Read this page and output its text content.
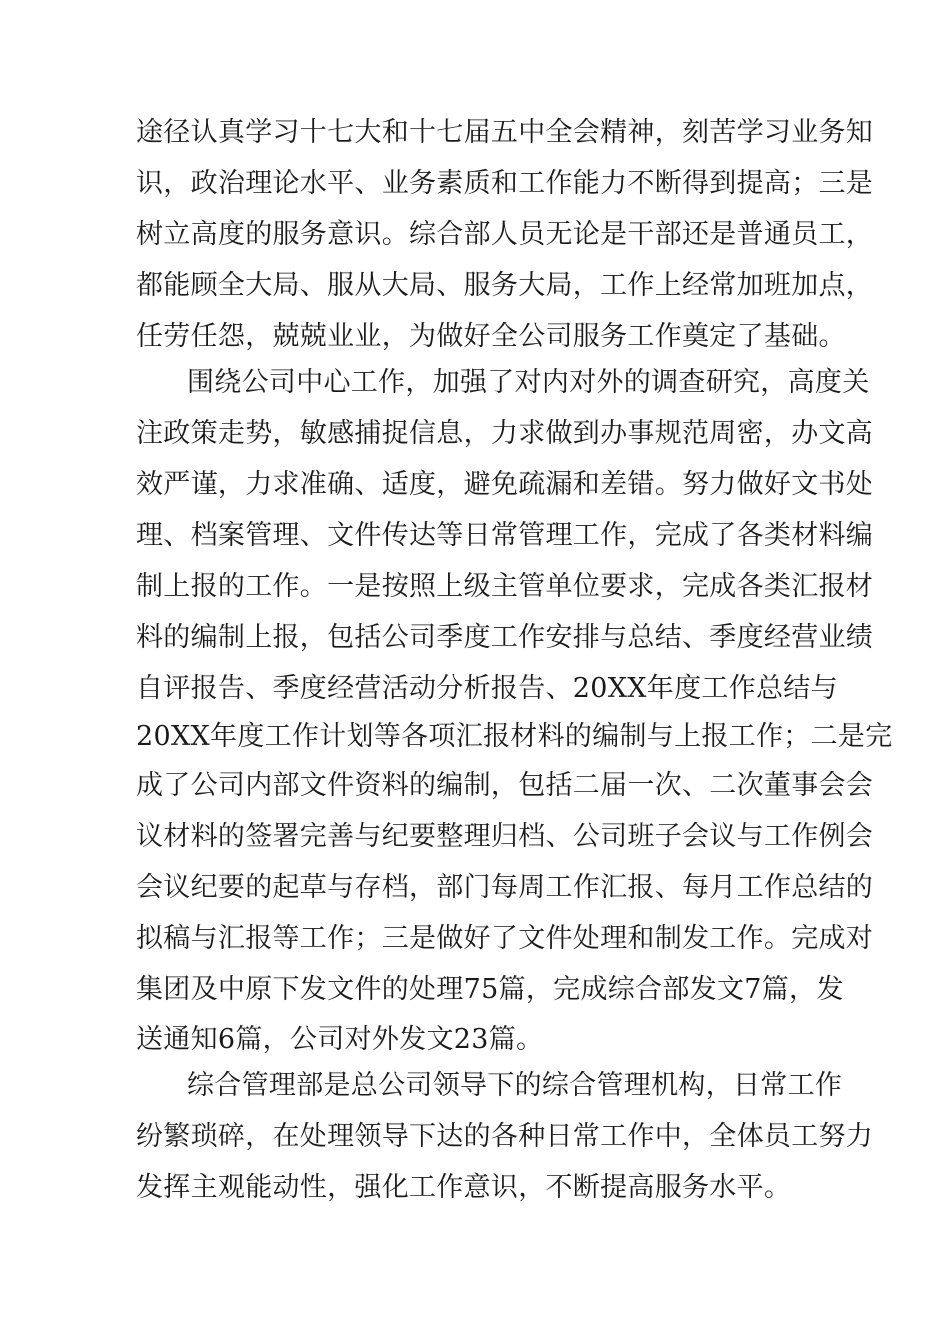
途径认真学习十七大和十七届五中全会精神，刻苦学习业务知
识，政治理论水平、业务素质和工作能力不断得到提高；三是
树立高度的服务意识。综合部人员无论是干部还是普通员工，
都能顾全大局、服从大局、服务大局，工作上经常加班加点，
任劳任怨，兢兢业业，为做好全公司服务工作奠定了基础。
围绕公司中心工作，加强了对内对外的调查研究，高度关
注政策走势，敏感捕捉信息，力求做到办事规范周密，办文高
效严谨，力求准确、适度，避免疏漏和差错。努力做好文书处
理、档案管理、文件传达等日常管理工作，完成了各类材料编
制上报的工作。一是按照上级主管单位要求，完成各类汇报材
料的编制上报，包括公司季度工作安排与总结、季度经营业绩
自评报告、季度经营活动分析报告、20XX年度工作总结与
20XX年度工作计划等各项汇报材料的编制与上报工作；二是完
成了公司内部文件资料的编制，包括二届一次、二次董事会会
议材料的签署完善与纪要整理归档、公司班子会议与工作例会
会议纪要的起草与存档，部门每周工作汇报、每月工作总结的
拟稿与汇报等工作；三是做好了文件处理和制发工作。完成对
集团及中原下发文件的处理75篇，完成综合部发文7篇，发
送通知6篇，公司对外发文23篇。
综合管理部是总公司领导下的综合管理机构，日常工作
纷繁琐碎，在处理领导下达的各种日常工作中，全体员工努力
发挥主观能动性，强化工作意识，不断提高服务水平。
